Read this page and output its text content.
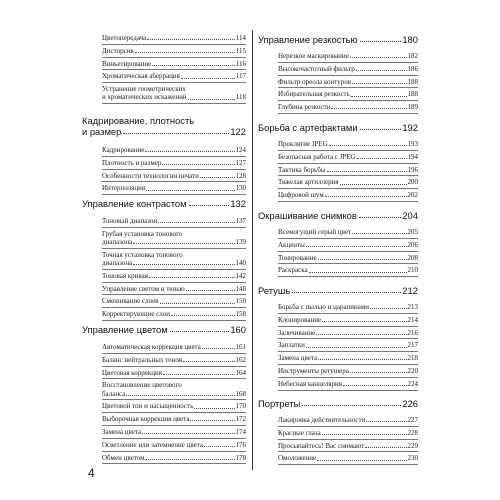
Цветопередача	114
Дисторсия	115
Виньетирование	116
Хроматическая аберрация	117
Устранение геометрических
и хроматических искажений	118
Кадрирование, плотность
и размер	122
Кадрирование	124
Плотность и размер	127
Особенности технологии печати	128
Интерполяция	130
Управление контрастом	132
Тоновый диапазон	137
Грубая установка тонового
диапазона	139
Точная установка тонового
диапазона	140
Тоновая кривая	142
Управление светом и тенью	148
Смешивание слоев	150
Корректирующие слои	158
Управление цветом	160
Автоматическая коррекция цвета	161
Баланс нейтральных тонов	162
Цветовая коррекция	164
Восстановление цветового
баланса	168
Цветовой тон и насыщенность	170
Выборочная коррекция цвета	172
Замена цвета	174
Осветление или затемнение цвета	176
Обмен цветом	178
Управление резкостью	180
Нерезкое маскирование	182
Высокочастотный фильтр	186
Фильтр ореола контуров	188
Избирательная резкость	188
Глубина резкости	189
Борьба с артефактами	192
Проклятие JPEG	193
Безопасная работа с JPEG	194
Тактика борьбы	196
Тяжелая артиллерия	200
Цифровой шум	202
Окрашивание снимков	204
Всемогущий серый цвет	205
Акценты	206
Тонирование	208
Раскраска	210
Ретушь	212
Борьба с пылью и царапинами	213
Клонирование	214
Залечивание	216
Заплатки	217
Замена цвета	218
Инструменты ретушера	220
Небесная канцелярия	224
Портреты	226
Лакировка действительности	227
Красные глаза	228
Просыпайтесь! Вас снимают	229
Омоложение	230
4
